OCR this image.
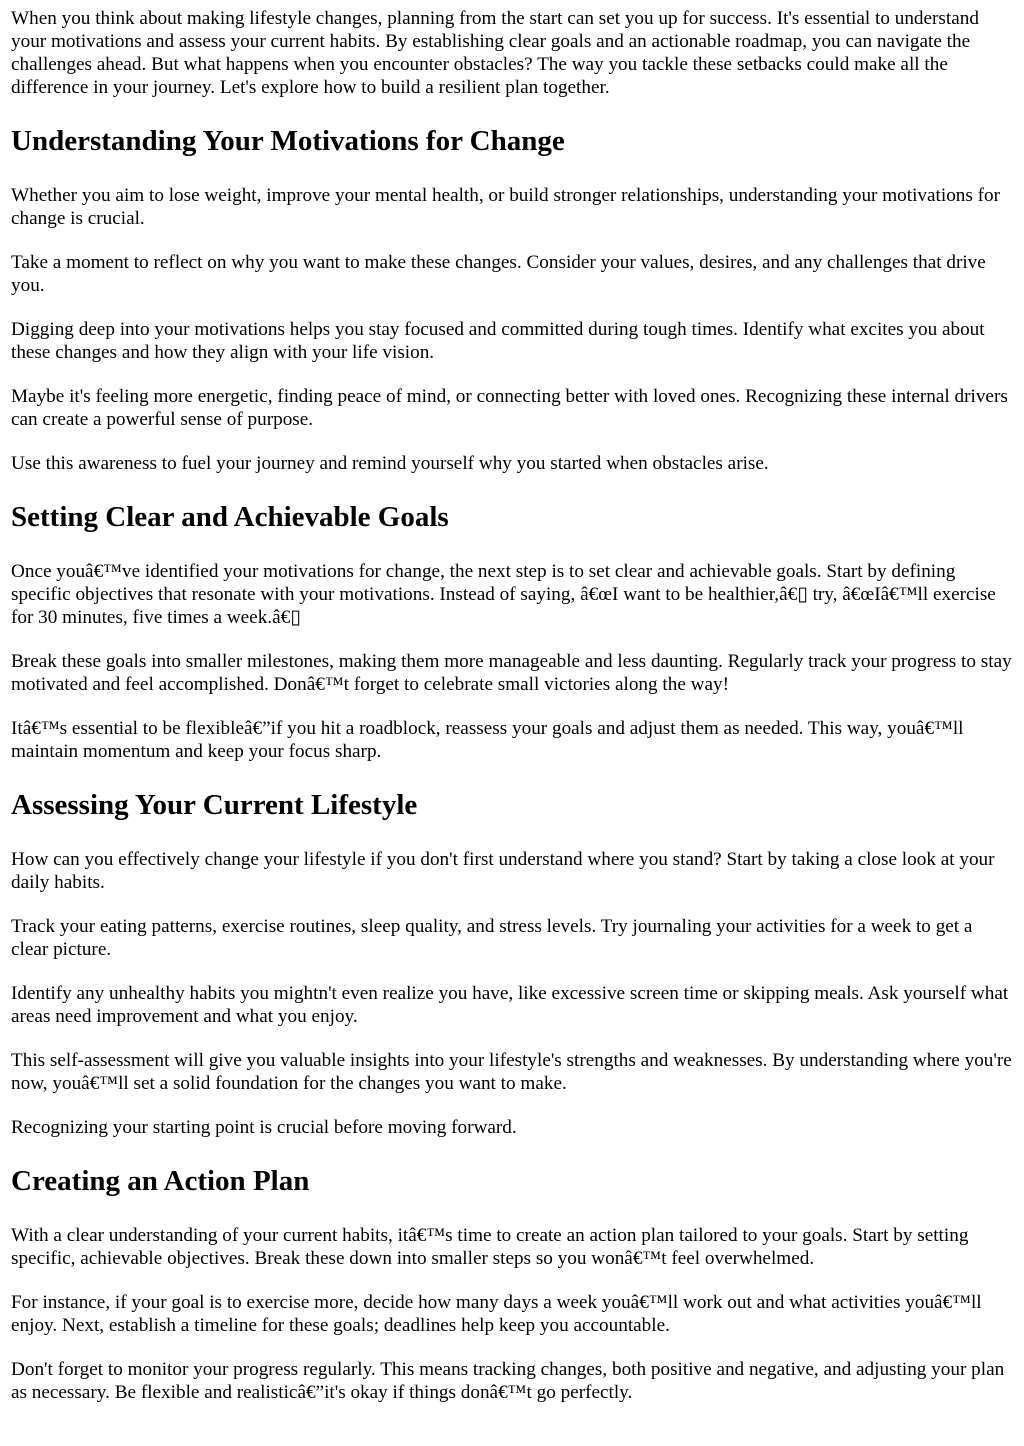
When you think about making lifestyle changes, planning from the start can set you up for success. It's essential to understand your motivations and assess your current habits. By establishing clear goals and an actionable roadmap, you can navigate the challenges ahead. But what happens when you encounter obstacles? The way you tackle these setbacks could make all the difference in your journey. Let's explore how to build a resilient plan together.

Understanding Your Motivations for Change

Whether you aim to lose weight, improve your mental health, or build stronger relationships, understanding your motivations for change is crucial.

Take a moment to reflect on why you want to make these changes. Consider your values, desires, and any challenges that drive you.

Digging deep into your motivations helps you stay focused and committed during tough times. Identify what excites you about these changes and how they align with your life vision.

Maybe it's feeling more energetic, finding peace of mind, or connecting better with loved ones. Recognizing these internal drivers can create a powerful sense of purpose.

Use this awareness to fuel your journey and remind yourself why you started when obstacles arise.

Setting Clear and Achievable Goals

Once youâ€™ve identified your motivations for change, the next step is to set clear and achievable goals. Start by defining specific objectives that resonate with your motivations. Instead of saying, â€œI want to be healthier,â€▯ try, â€œIâ€™ll exercise for 30 minutes, five times a week.â€▯

Break these goals into smaller milestones, making them more manageable and less daunting. Regularly track your progress to stay motivated and feel accomplished. Donâ€™t forget to celebrate small victories along the way!

Itâ€™s essential to be flexibleâ€”if you hit a roadblock, reassess your goals and adjust them as needed. This way, youâ€™ll maintain momentum and keep your focus sharp.

Assessing Your Current Lifestyle

How can you effectively change your lifestyle if you don't first understand where you stand? Start by taking a close look at your daily habits.

Track your eating patterns, exercise routines, sleep quality, and stress levels. Try journaling your activities for a week to get a clear picture.

Identify any unhealthy habits you mightn't even realize you have, like excessive screen time or skipping meals. Ask yourself what areas need improvement and what you enjoy.

This self-assessment will give you valuable insights into your lifestyle's strengths and weaknesses. By understanding where you're now, youâ€™ll set a solid foundation for the changes you want to make.

Recognizing your starting point is crucial before moving forward.

Creating an Action Plan

With a clear understanding of your current habits, itâ€™s time to create an action plan tailored to your goals. Start by setting specific, achievable objectives. Break these down into smaller steps so you wonâ€™t feel overwhelmed.

For instance, if your goal is to exercise more, decide how many days a week youâ€™ll work out and what activities youâ€™ll enjoy. Next, establish a timeline for these goals; deadlines help keep you accountable.

Don't forget to monitor your progress regularly. This means tracking changes, both positive and negative, and adjusting your plan as necessary. Be flexible and realisticâ€”it's okay if things donâ€™t go perfectly.
